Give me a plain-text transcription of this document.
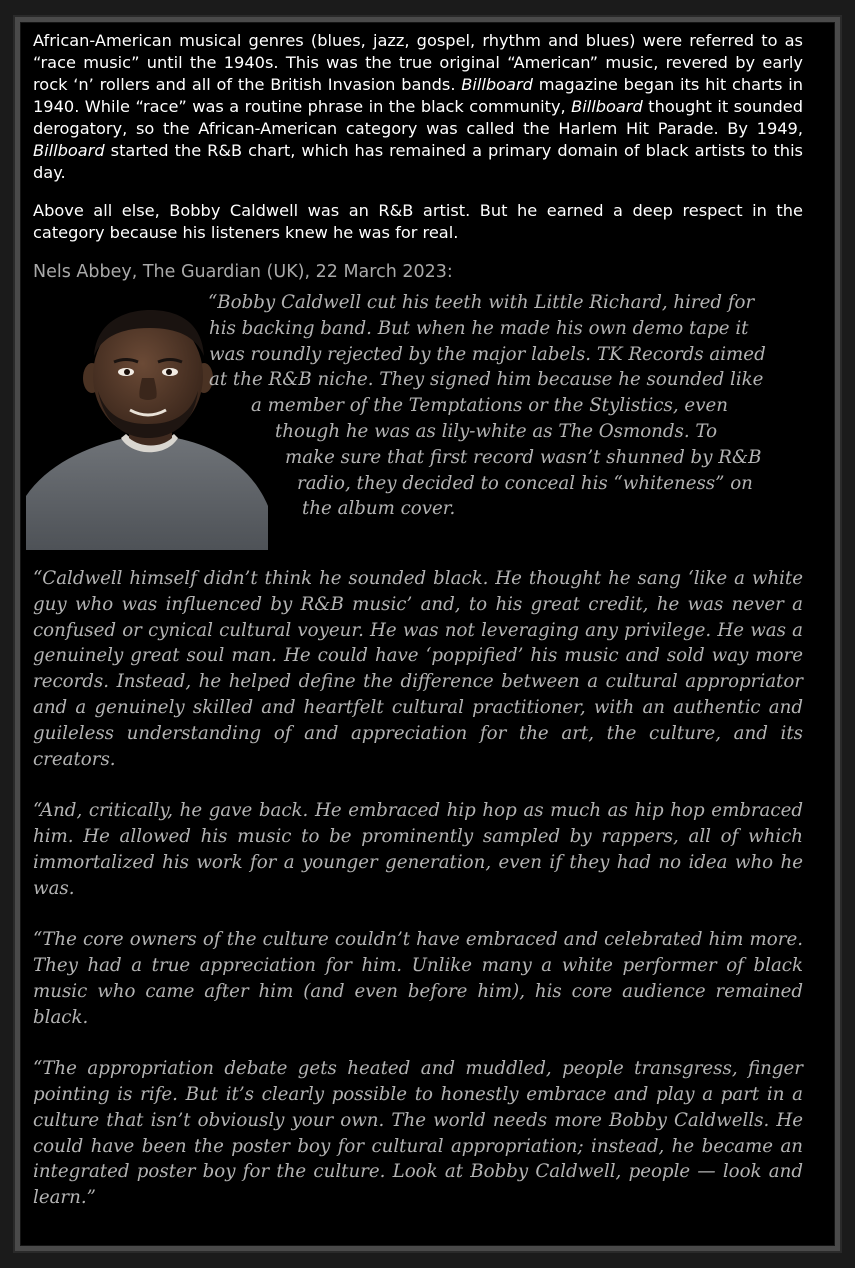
African-American musical genres (blues, jazz, gospel, rhythm and blues) were referred to as “race music” until the 1940s. This was the true original “American” music, revered by early rock ‘n’ rollers and all of the British Invasion bands. Billboard magazine began its hit charts in 1940. While “race” was a routine phrase in the black community, Billboard thought it sounded derogatory, so the African-American category was called the Harlem Hit Parade. By 1949, Billboard started the R&B chart, which has remained a primary domain of black artists to this day.

Above all else, Bobby Caldwell was an R&B artist. But he earned a deep respect in the category because his listeners knew he was for real.

Nels Abbey, The Guardian (UK), 22 March 2023:

“Bobby Caldwell cut his teeth with Little Richard, hired for
his backing band. But when he made his own demo tape it
was roundly rejected by the major labels. TK Records aimed
at the R&B niche. They signed him because he sounded like
a member of the Temptations or the Stylistics, even
though he was as lily-white as The Osmonds. To
make sure that first record wasn’t shunned by R&B
radio, they decided to conceal his “whiteness” on
the album cover.

“Caldwell himself didn’t think he sounded black. He thought he sang ‘like a white guy who was influenced by R&B music’ and, to his great credit, he was never a confused or cynical cultural voyeur. He was not leveraging any privilege. He was a genuinely great soul man. He could have ‘poppified’ his music and sold way more records. Instead, he helped define the difference between a cultural appropriator and a genuinely skilled and heartfelt cultural practitioner, with an authentic and guileless understanding of and appreciation for the art, the culture, and its creators.

“And, critically, he gave back. He embraced hip hop as much as hip hop embraced him. He allowed his music to be prominently sampled by rappers, all of which immortalized his work for a younger generation, even if they had no idea who he was.

“The core owners of the culture couldn’t have embraced and celebrated him more. They had a true appreciation for him. Unlike many a white performer of black music who came after him (and even before him), his core audience remained black.

“The appropriation debate gets heated and muddled, people transgress, finger pointing is rife. But it’s clearly possible to honestly embrace and play a part in a culture that isn’t obviously your own. The world needs more Bobby Caldwells. He could have been the poster boy for cultural appropriation; instead, he became an integrated poster boy for the culture. Look at Bobby Caldwell, people — look and learn.”
